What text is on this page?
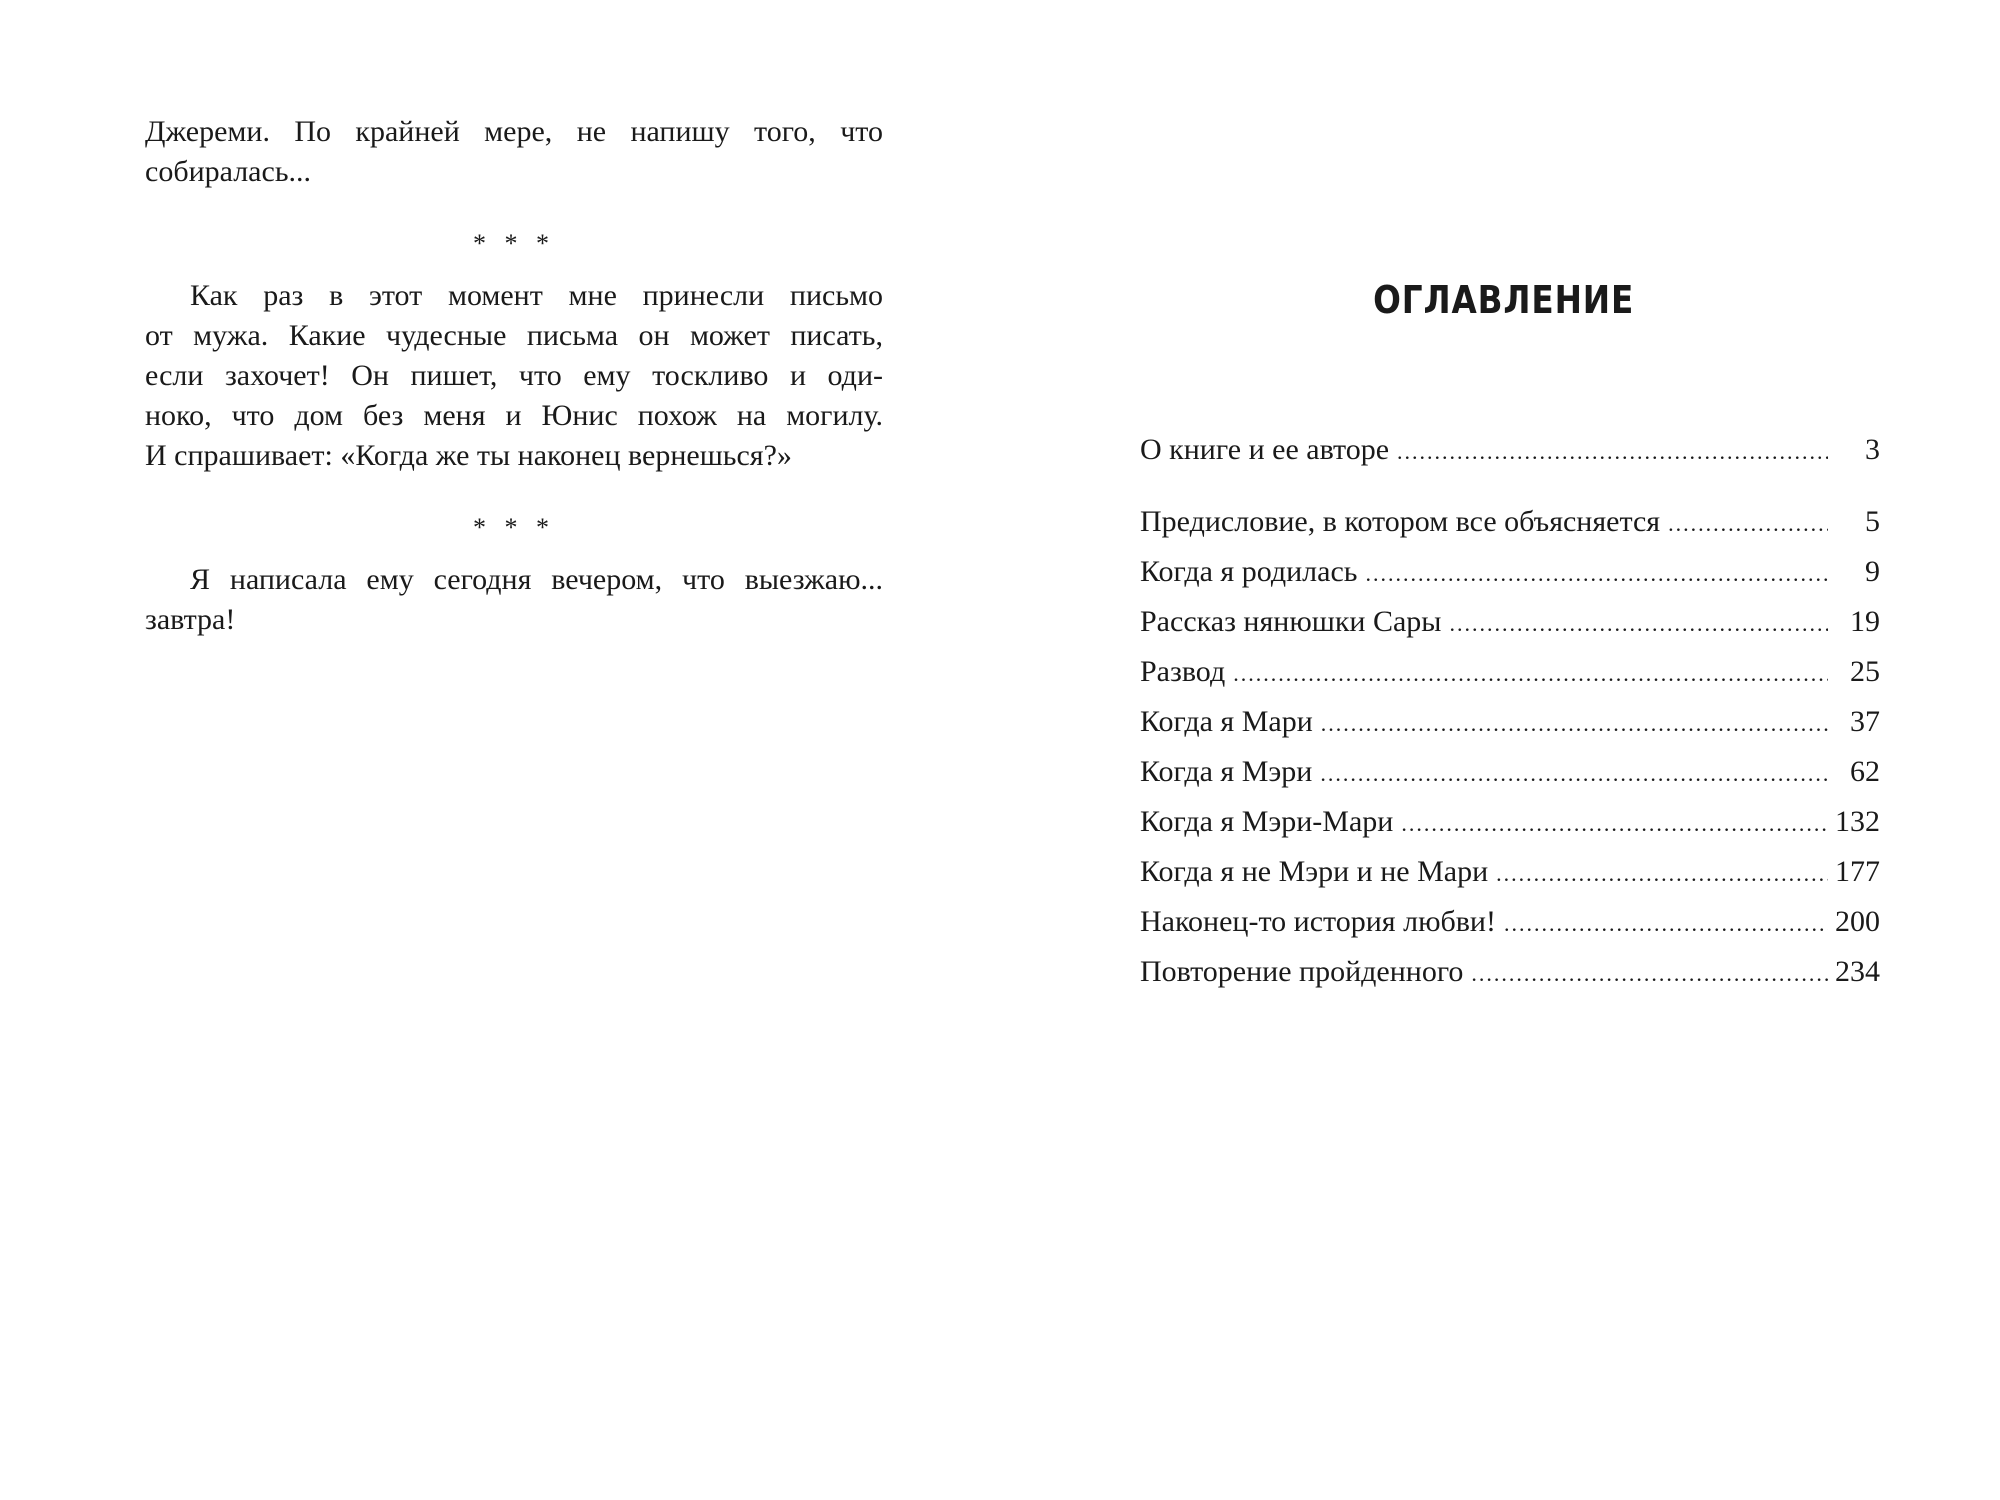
Джереми. По крайней мере, не напишу того, что
собиралась...

* * *

Как раз в этот момент мне принесли письмо
от мужа. Какие чудесные письма он может писать,
если захочет! Он пишет, что ему тоскливо и оди-
ноко, что дом без меня и Юнис похож на могилу.
И спрашивает: «Когда же ты наконец вернешься?»

* * *

Я написала ему сегодня вечером, что выезжаю...
завтра!

ОГЛАВЛЕНИЕ
О книге и ее авторе .....	3
Предисловие, в котором все объясняется .....	5
Когда я родилась .....	9
Рассказ нянюшки Сары .....	19
Развод .....	25
Когда я Мари .....	37
Когда я Мэри .....	62
Когда я Мэри-Мари .....	132
Когда я не Мэри и не Мари .....	177
Наконец-то история любви! .....	200
Повторение пройденного .....	234
